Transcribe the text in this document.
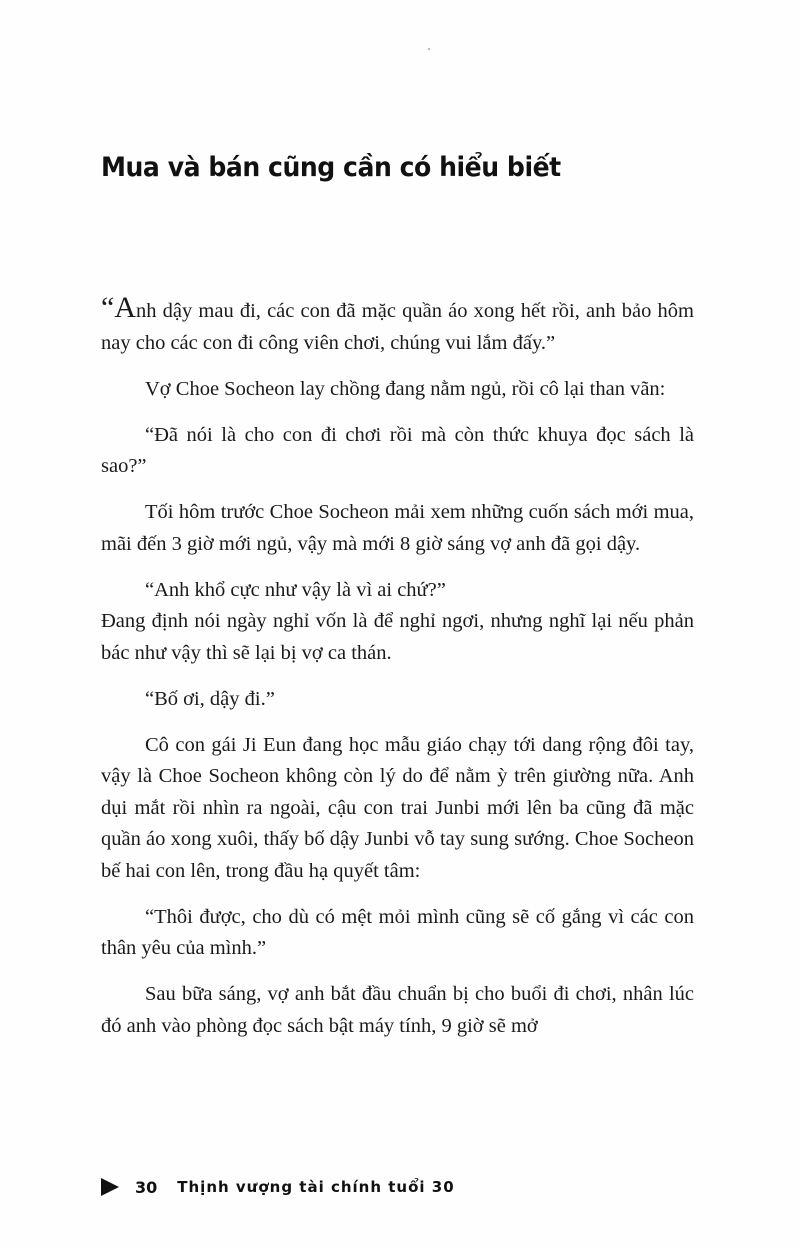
Mua và bán cũng cần có hiểu biết

“Anh dậy mau đi, các con đã mặc quần áo xong hết rồi, anh bảo hôm nay cho các con đi công viên chơi, chúng vui lắm đấy.”

Vợ Choe Socheon lay chồng đang nằm ngủ, rồi cô lại than vãn:

“Đã nói là cho con đi chơi rồi mà còn thức khuya đọc sách là sao?”

Tối hôm trước Choe Socheon mải xem những cuốn sách mới mua, mãi đến 3 giờ mới ngủ, vậy mà mới 8 giờ sáng vợ anh đã gọi dậy.

“Anh khổ cực như vậy là vì ai chứ?”

Đang định nói ngày nghỉ vốn là để nghỉ ngơi, nhưng nghĩ lại nếu phản bác như vậy thì sẽ lại bị vợ ca thán.

“Bố ơi, dậy đi.”

Cô con gái Ji Eun đang học mẫu giáo chạy tới dang rộng đôi tay, vậy là Choe Socheon không còn lý do để nằm ỳ trên giường nữa. Anh dụi mắt rồi nhìn ra ngoài, cậu con trai Junbi mới lên ba cũng đã mặc quần áo xong xuôi, thấy bố dậy Junbi vỗ tay sung sướng. Choe Socheon bế hai con lên, trong đầu hạ quyết tâm:

“Thôi được, cho dù có mệt mỏi mình cũng sẽ cố gắng vì các con thân yêu của mình.”

Sau bữa sáng, vợ anh bắt đầu chuẩn bị cho buổi đi chơi, nhân lúc đó anh vào phòng đọc sách bật máy tính, 9 giờ sẽ mở

30 Thịnh vượng tài chính tuổi 30
